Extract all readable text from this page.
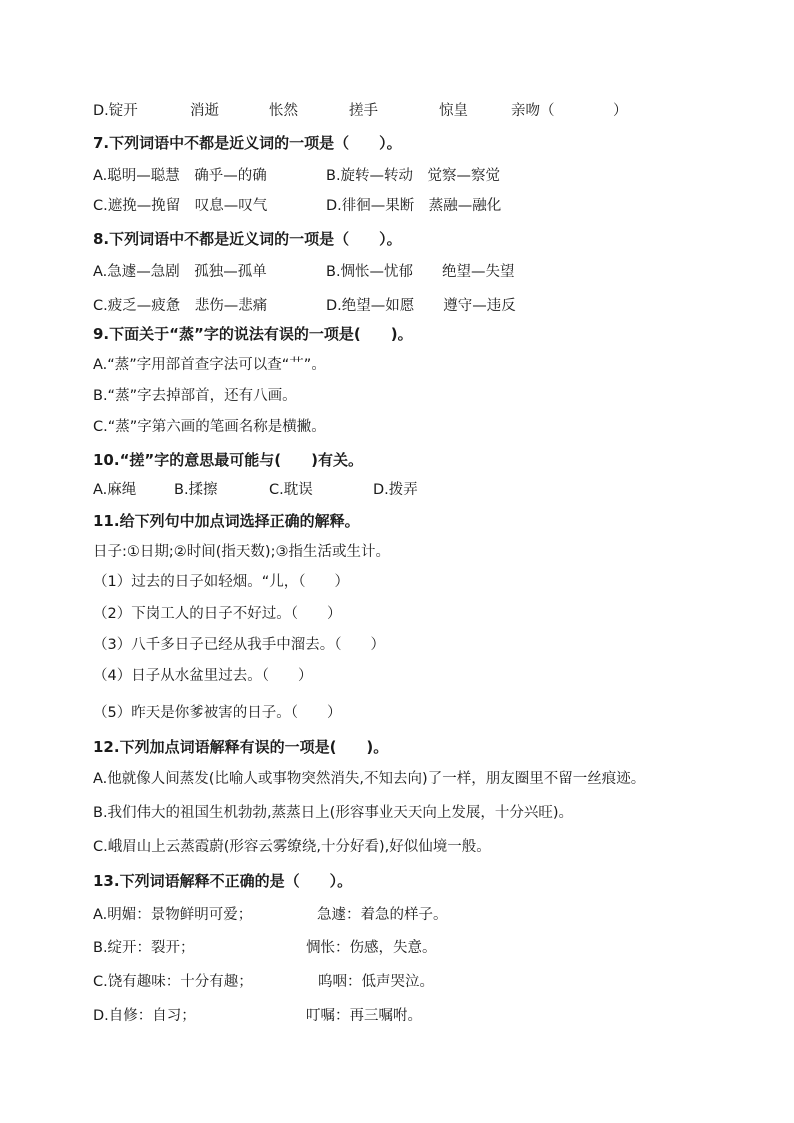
D.锭开	消逝	怅然	搓手	惊皇	亲吻（	）
7.下列词语中不都是近义词的一项是（　　）。
A.聪明—聪慧　确乎—的确	B.旋转—转动　觉察—察觉
C.遮挽—挽留　叹息—叹气	D.徘徊—果断　蒸融—融化
8.下列词语中不都是近义词的一项是（　　）。
A.急遽—急剧　孤独—孤单	B.惆怅—忧郁　　绝望—失望
C.疲乏—疲惫　悲伤—悲痛	D.绝望—如愿　　遵守—违反
9.下面关于“蒸”字的说法有误的一项是(　　)。
A.“蒸”字用部首查字法可以查“艹”。
B.“蒸”字去掉部首，还有八画。
C.“蒸”字第六画的笔画名称是横撇。
10.“搓”字的意思最可能与(　　)有关。
A.麻绳	B.揉擦	C.耽误	D.拨弄
11.给下列句中加点词选择正确的解释。
日子:①日期;②时间(指天数);③指生活或生计。
（1）过去的日子如轻烟。“儿，（　　）
（2）下岗工人的日子不好过。（　　）
（3）八千多日子已经从我手中溜去。（　　）
（4）日子从水盆里过去。（　　）
（5）昨天是你爹被害的日子。（　　）
12.下列加点词语解释有误的一项是(　　)。
A.他就像人间蒸发(比喻人或事物突然消失,不知去向)了一样，朋友圈里不留一丝痕迹。
B.我们伟大的祖国生机勃勃,蒸蒸日上(形容事业天天向上发展，十分兴旺)。
C.峨眉山上云蒸霞蔚(形容云雾缭绕,十分好看),好似仙境一般。
13.下列词语解释不正确的是（　　）。
A.明媚：景物鲜明可爱；	急遽：着急的样子。
B.绽开：裂开；	惆怅：伤感，失意。
C.饶有趣味：十分有趣；	呜咽：低声哭泣。
D.自修：自习；	叮嘱：再三嘱咐。
